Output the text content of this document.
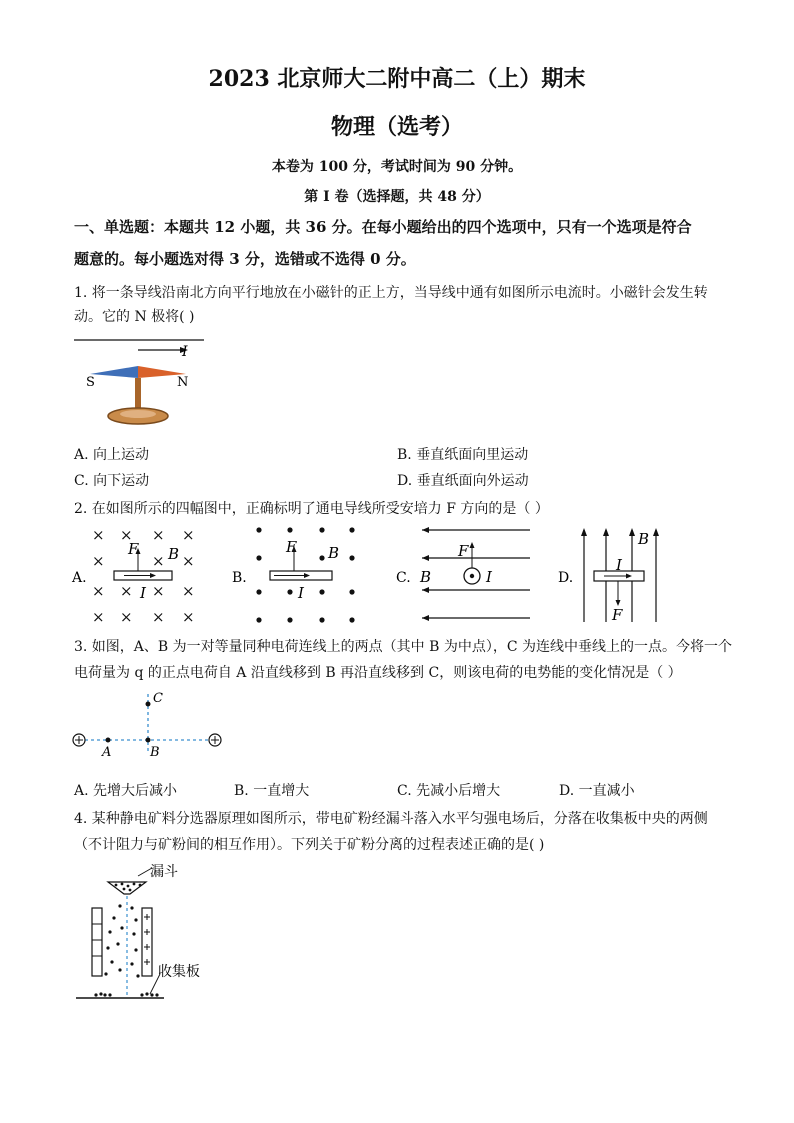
2023 北京师大二附中高二（上）期末
物理（选考）
本卷为 100 分，考试时间为 90 分钟。
第 I 卷（选择题，共 48 分）
一、单选题：本题共 12 小题，共 36 分。在每小题给出的四个选项中，只有一个选项是符合
题意的。每小题选对得 3 分，选错或不选得 0 分。
1. 将一条导线沿南北方向平行地放在小磁针的正上方，当导线中通有如图所示电流时。小磁针会发生转
动。它的 N 极将( )
I
S	N
A. 向上运动	B. 垂直纸面向里运动
C. 向下运动	D. 垂直纸面向外运动
2. 在如图所示的四幅图中，正确标明了通电导线所受安培力 F 方向的是（ ）
A.
× × × ×
×	× ×
× × × ×
× × × ×
F B
I
B.
F B
I
C.
F
B	I	D.
I
F
B
3. 如图，A、B 为一对等量同种电荷连线上的两点（其中 B 为中点），C 为连线中垂线上的一点。今将一个
电荷量为 q 的正点电荷自 A 沿直线移到 B 再沿直线移到 C，则该电荷的电势能的变化情况是（ ）
A	B
C
A. 先增大后减小	B. 一直增大	C. 先减小后增大	D. 一直减小
4. 某种静电矿料分选器原理如图所示，带电矿粉经漏斗落入水平匀强电场后，分落在收集板中央的两侧
（不计阻力与矿粉间的相互作用）。下列关于矿粉分离的过程表述正确的是( )
漏斗
收集板
